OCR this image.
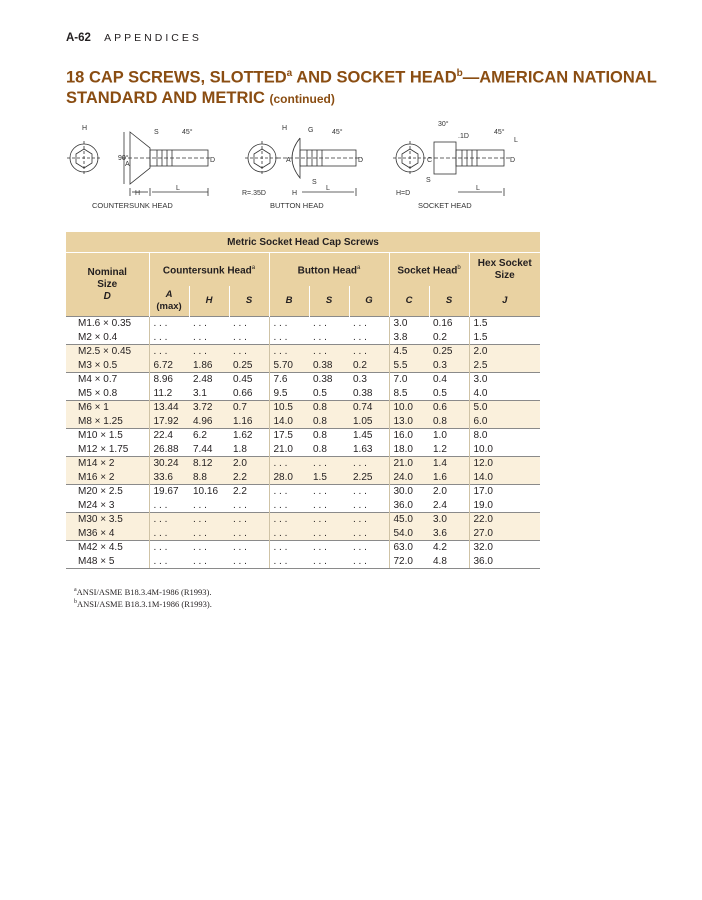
A-62 APPENDICES
18 CAP SCREWS, SLOTTED$^a$ AND SOCKET HEAD$^b$—AMERICAN NATIONAL STANDARD AND METRIC (continued)
H
L
D
H
S	45°
90°
A
COUNTERSUNK HEAD
H	G	45°
A	D
S
R=.35D	H
L
BUTTON HEAD
30°
.1D
45°
L
C	D
S
H=D
L
SOCKET HEAD
Metric Socket Head Cap Screws									

Nominal
Size
D	Countersunk Head$^a$			Button Head$^a$			Socket Head$^b$		Hex Socket Size

	A
(max)	H	S	B	S	G	C	S	J
M1.6 × 0.35	. . .	. . .	. . .	. . .	. . .	. . .	3.0	0.16	1.5
M2 × 0.4	. . .	. . .	. . .	. . .	. . .	. . .	3.8	0.2	1.5
M2.5 × 0.45	. . .	. . .	. . .	. . .	. . .	. . .	4.5	0.25	2.0
M3 × 0.5	6.72	1.86	0.25	5.70	0.38	0.2	5.5	0.3	2.5
M4 × 0.7	8.96	2.48	0.45	7.6	0.38	0.3	7.0	0.4	3.0
M5 × 0.8	11.2	3.1	0.66	9.5	0.5	0.38	8.5	0.5	4.0
M6 × 1	13.44	3.72	0.7	10.5	0.8	0.74	10.0	0.6	5.0
M8 × 1.25	17.92	4.96	1.16	14.0	0.8	1.05	13.0	0.8	6.0
M10 × 1.5	22.4	6.2	1.62	17.5	0.8	1.45	16.0	1.0	8.0
M12 × 1.75	26.88	7.44	1.8	21.0	0.8	1.63	18.0	1.2	10.0
M14 × 2	30.24	8.12	2.0	. . .	. . .	. . .	21.0	1.4	12.0
M16 × 2	33.6	8.8	2.2	28.0	1.5	2.25	24.0	1.6	14.0
M20 × 2.5	19.67	10.16	2.2	. . .	. . .	. . .	30.0	2.0	17.0
M24 × 3	. . .	. . .	. . .	. . .	. . .	. . .	36.0	2.4	19.0
M30 × 3.5	. . .	. . .	. . .	. . .	. . .	. . .	45.0	3.0	22.0
M36 × 4	. . .	. . .	. . .	. . .	. . .	. . .	54.0	3.6	27.0
M42 × 4.5	. . .	. . .	. . .	. . .	. . .	. . .	63.0	4.2	32.0
M48 × 5	. . .	. . .	. . .	. . .	. . .	. . .	72.0	4.8	36.0
$^a$ANSI/ASME B18.3.4M-1986 (R1993).
$^b$ANSI/ASME B18.3.1M-1986 (R1993).
